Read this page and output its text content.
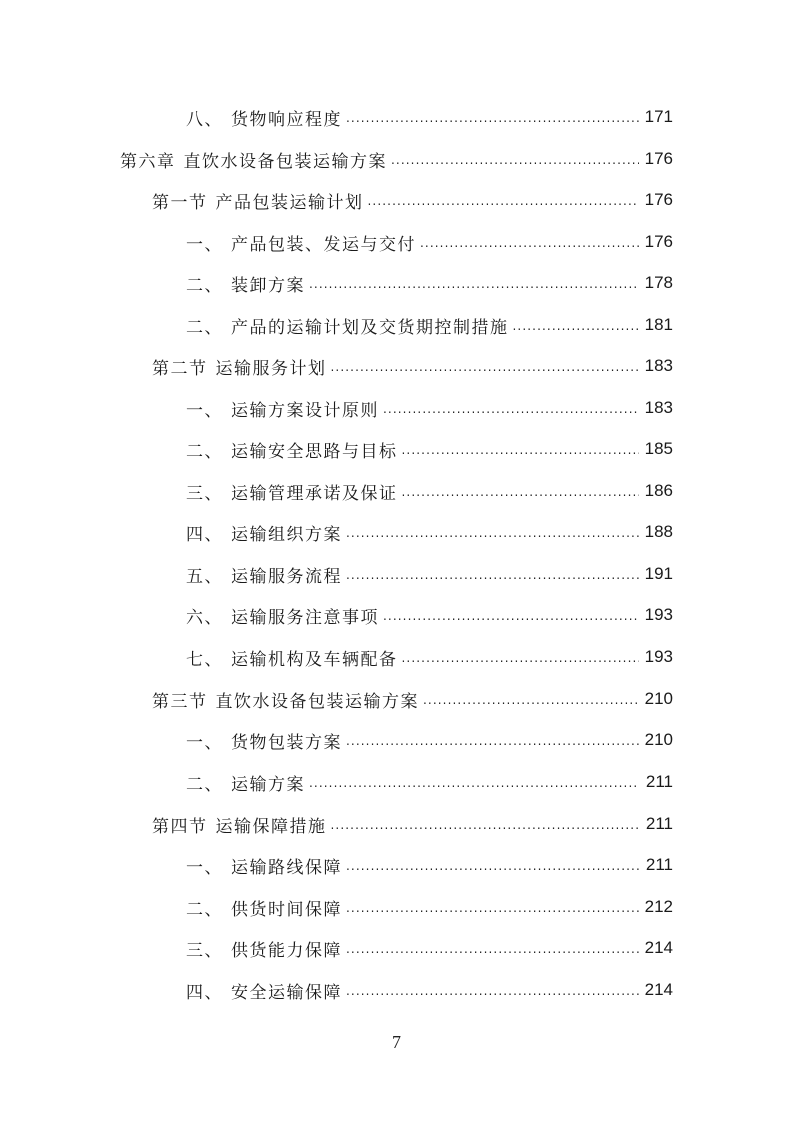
八、 货物响应程度 .....	171
第六章 直饮水设备包装运输方案 .....	176
第一节 产品包装运输计划 .....	176
一、 产品包装、发运与交付 .....	176
二、 装卸方案 .....	178
二、 产品的运输计划及交货期控制措施 .....	181
第二节 运输服务计划 .....	183
一、 运输方案设计原则 .....	183
二、 运输安全思路与目标 .....	185
三、 运输管理承诺及保证 .....	186
四、 运输组织方案 .....	188
五、 运输服务流程 .....	191
六、 运输服务注意事项 .....	193
七、 运输机构及车辆配备 .....	193
第三节 直饮水设备包装运输方案 .....	210
一、 货物包装方案 .....	210
二、 运输方案 .....	211
第四节 运输保障措施 .....	211
一、 运输路线保障 .....	211
二、 供货时间保障 .....	212
三、 供货能力保障 .....	214
四、 安全运输保障 .....	214
7
